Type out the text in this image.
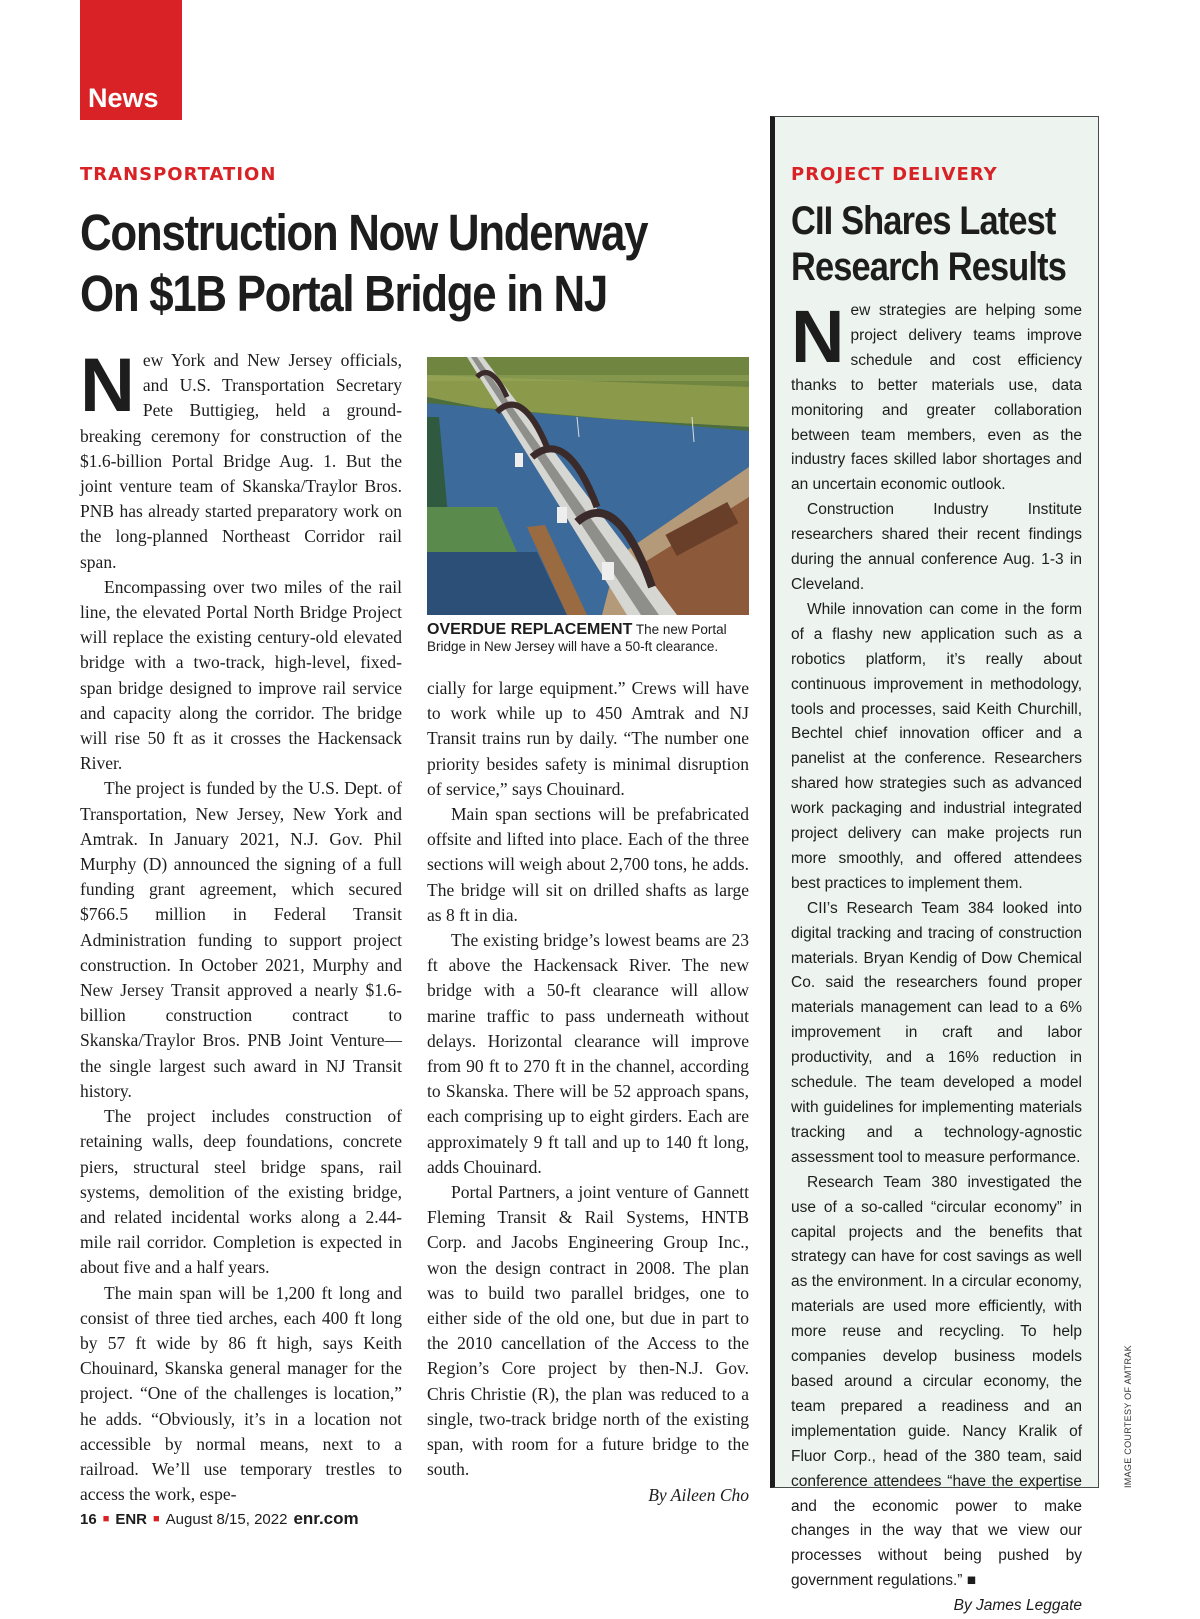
News
TRANSPORTATION
Construction Now Underway
On $1B Portal Bridge in NJ

New York and New Jersey officials, and U.S. Transportation Secretary Pete Buttigieg, held a ground-breaking ceremony for construction of the $1.6-billion Portal Bridge Aug. 1. But the joint venture team of Skanska/Traylor Bros. PNB has already started preparatory work on the long-planned Northeast Corridor rail span.

Encompassing over two miles of the rail line, the elevated Portal North Bridge Project will replace the existing century-old elevated bridge with a two-track, high-level, fixed-span bridge designed to improve rail service and capacity along the corridor. The bridge will rise 50 ft as it crosses the Hackensack River.

The project is funded by the U.S. Dept. of Transportation, New Jersey, New York and Amtrak. In January 2021, N.J. Gov. Phil Murphy (D) announced the signing of a full funding grant agreement, which secured $766.5 million in Federal Transit Administration funding to support project construction. In October 2021, Murphy and New Jersey Transit approved a nearly $1.6-billion construction contract to Skanska/Traylor Bros. PNB Joint Venture—the single largest such award in NJ Transit history.

The project includes construction of retaining walls, deep foundations, concrete piers, structural steel bridge spans, rail systems, demolition of the existing bridge, and related incidental works along a 2.44-mile rail corridor. Completion is expected in about five and a half years.

The main span will be 1,200 ft long and consist of three tied arches, each 400 ft long by 57 ft wide by 86 ft high, says Keith Chouinard, Skanska general manager for the project. “One of the challenges is location,” he adds. “Obviously, it’s in a location not accessible by normal means, next to a railroad. We’ll use temporary trestles to access the work, espe-

OVERDUE REPLACEMENT The new Portal Bridge in New Jersey will have a 50-ft clearance.

cially for large equipment.” Crews will have to work while up to 450 Amtrak and NJ Transit trains run by daily. “The number one priority besides safety is minimal disruption of service,” says Chouinard.

Main span sections will be prefabricated offsite and lifted into place. Each of the three sections will weigh about 2,700 tons, he adds. The bridge will sit on drilled shafts as large as 8 ft in dia.

The existing bridge’s lowest beams are 23 ft above the Hackensack River. The new bridge with a 50-ft clearance will allow marine traffic to pass underneath without delays. Horizontal clearance will improve from 90 ft to 270 ft in the channel, according to Skanska. There will be 52 approach spans, each comprising up to eight girders. Each are approximately 9 ft tall and up to 140 ft long, adds Chouinard.

Portal Partners, a joint venture of Gannett Fleming Transit & Rail Systems, HNTB Corp. and Jacobs Engineering Group Inc., won the design contract in 2008. The plan was to build two parallel bridges, one to either side of the old one, but due in part to the 2010 cancellation of the Access to the Region’s Core project by then-N.J. Gov. Chris Christie (R), the plan was reduced to a single, two-track bridge north of the existing span, with room for a future bridge to the south.

By Aileen Cho

PROJECT DELIVERY
CII Shares Latest
Research Results

New strategies are helping some project delivery teams improve schedule and cost efficiency thanks to better materials use, data monitoring and greater collaboration between team members, even as the industry faces skilled labor shortages and an uncertain economic outlook.

Construction Industry Institute researchers shared their recent findings during the annual conference Aug. 1-3 in Cleveland.

While innovation can come in the form of a flashy new application such as a robotics platform, it’s really about continuous improvement in methodology, tools and processes, said Keith Churchill, Bechtel chief innovation officer and a panelist at the conference. Researchers shared how strategies such as advanced work packaging and industrial integrated project delivery can make projects run more smoothly, and offered attendees best practices to implement them.

CII’s Research Team 384 looked into digital tracking and tracing of construction materials. Bryan Kendig of Dow Chemical Co. said the researchers found proper materials management can lead to a 6% improvement in craft and labor productivity, and a 16% reduction in schedule. The team developed a model with guidelines for implementing materials tracking and a technology-agnostic assessment tool to measure performance.

Research Team 380 investigated the use of a so-called “circular economy” in capital projects and the benefits that strategy can have for cost savings as well as the environment. In a circular economy, materials are used more efficiently, with more reuse and recycling. To help companies develop business models based around a circular economy, the team prepared a readiness and an implementation guide. Nancy Kralik of Fluor Corp., head of the 380 team, said conference attendees “have the expertise and the economic power to make changes in the way that we view our processes without being pushed by government regulations.” ■

By James Leggate

IMAGE COURTESY OF AMTRAK
16 ■ ENR ■ August 8/15, 2022 enr.com
